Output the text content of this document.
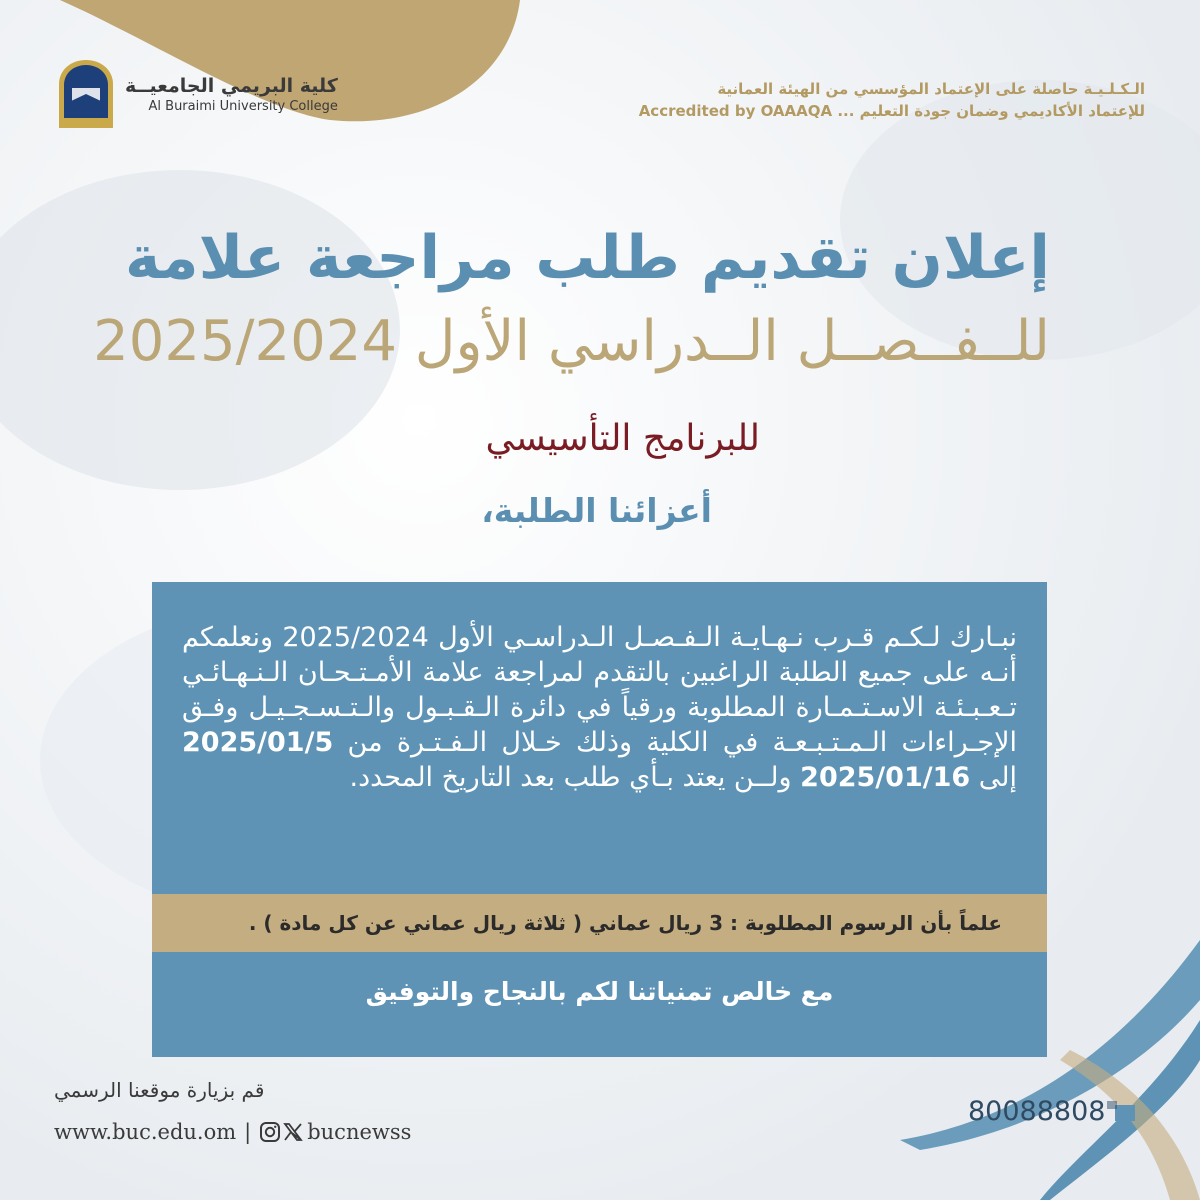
كلية البريمي الجامعيــة
Al Buraimi University College
الـكـلـيـة حاصلة على الإعتماد المؤسسي من الهيئة العمانية
للإعتماد الأكاديمي وضمان جودة التعليم ... Accredited by OAAAQA
إعلان تقديم طلب مراجعة علامة
للــفــصــل الــدراسي الأول 2025/2024
للبرنامج التأسيسي
أعزائنا الطلبة،
نبـارك لـكـم قـرب نـهـايـة الـفـصـل الـدراسـي الأول 2025/2024 ونعلمكم أنـه على جميع الطلبة الراغبين بالتقدم لمراجعة علامة الأمـتـحـان الـنـهـائـي تـعـبـئـة الاسـتـمـارة المطلوبة ورقياً في دائرة الـقـبـول والـتـسـجـيـل وفـق الإجـراءات الـمـتـبـعـة في الكلية وذلك خـلال الـفـتـرة من 2025/01/5 إلى 2025/01/16 ولــن يعتد بـأي طلب بعد التاريخ المحدد.
علماً بأن الرسوم المطلوبة : 3 ريال عماني ( ثلاثة ريال عماني عن كل مادة ) .
مع خالص تمنياتنا لكم بالنجاح والتوفيق
قم بزيارة موقعنا الرسمي
www.buc.edu.om |	bucnewss
80088808
